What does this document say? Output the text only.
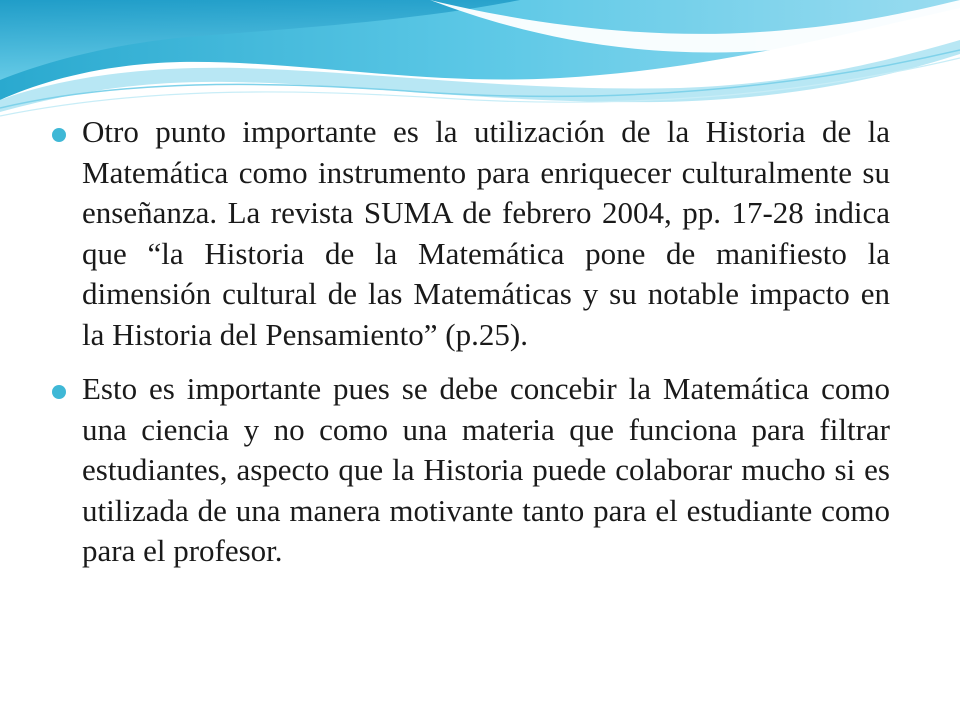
Otro punto importante es la utilización de la Historia de la Matemática como instrumento para enriquecer culturalmente su enseñanza. La revista SUMA de febrero 2004, pp. 17-28 indica que “la Historia de la Matemática pone de manifiesto la dimensión cultural de las Matemáticas y su notable impacto en la Historia del Pensamiento” (p.25).
Esto es importante pues se debe concebir la Matemática como una ciencia y no como una materia que funciona para filtrar estudiantes, aspecto que la Historia puede colaborar mucho si es utilizada de una manera motivante tanto para el estudiante como para el profesor.
